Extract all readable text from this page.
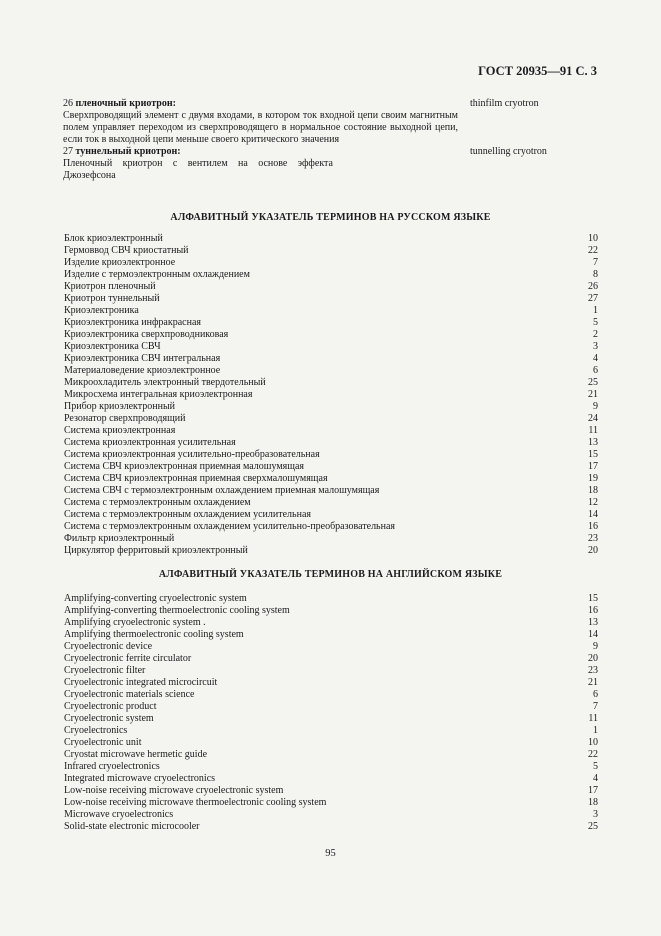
ГОСТ 20935—91 С. 3
26 пленочный криотрон:
Сверхпроводящий элемент с двумя входами, в котором ток входной цепи своим магнитным полем управляет переходом из сверхпроводящего в нормальное состояние выходной цепи, если ток в выходной цепи меньше своего критического значения
thinfilm cryotron
27 туннельный криотрон:
Пленочный криотрон с вентилем на основе эффекта Джозефсона
tunnelling cryotron
АЛФАВИТНЫЙ УКАЗАТЕЛЬ ТЕРМИНОВ НА РУССКОМ ЯЗЫКЕ
Блок криоэлектронный	10
Гермоввод СВЧ криостатный	22
Изделие криоэлектронное	7
Изделие с термоэлектронным охлаждением	8
Криотрон пленочный	26
Криотрон туннельный	27
Криоэлектроника	1
Криоэлектроника инфракрасная	5
Криоэлектроника сверхпроводниковая	2
Криоэлектроника СВЧ	3
Криоэлектроника СВЧ интегральная	4
Материаловедение криоэлектронное	6
Микроохладитель электронный твердотельный	25
Микросхема интегральная криоэлектронная	21
Прибор криоэлектронный	9
Резонатор сверхпроводящий	24
Система криоэлектронная	11
Система криоэлектронная усилительная	13
Система криоэлектронная усилительно-преобразовательная	15
Система СВЧ криоэлектронная приемная малошумящая	17
Система СВЧ криоэлектронная приемная сверхмалошумящая	19
Система СВЧ с термоэлектронным охлаждением приемная малошумящая	18
Система с термоэлектронным охлаждением	12
Система с термоэлектронным охлаждением усилительная	14
Система с термоэлектронным охлаждением усилительно-преобразовательная	16
Фильтр криоэлектронный	23
Циркулятор ферритовый криоэлектронный	20
АЛФАВИТНЫЙ УКАЗАТЕЛЬ ТЕРМИНОВ НА АНГЛИЙСКОМ ЯЗЫКЕ
Amplifying-converting cryoelectronic system	15
Amplifying-converting thermoelectronic cooling system	16
Amplifying cryoelectronic system .	13
Amplifying thermoelectronic cooling system	14
Cryoelectronic device	9
Cryoelectronic ferrite circulator	20
Cryoelectronic filter	23
Cryoelectronic integrated microcircuit	21
Cryoelectronic materials science	6
Cryoelectronic product	7
Cryoelectronic system	11
Cryoelectronics	1
Cryoelectronic unit	10
Cryostat microwave hermetic guide	22
Infrared cryoelectronics	5
Integrated microwave cryoelectronics	4
Low-noise receiving microwave cryoelectronic system	17
Low-noise receiving microwave thermoelectronic cooling system	18
Microwave cryoelectronics	3
Solid-state electronic microcooler	25
95
